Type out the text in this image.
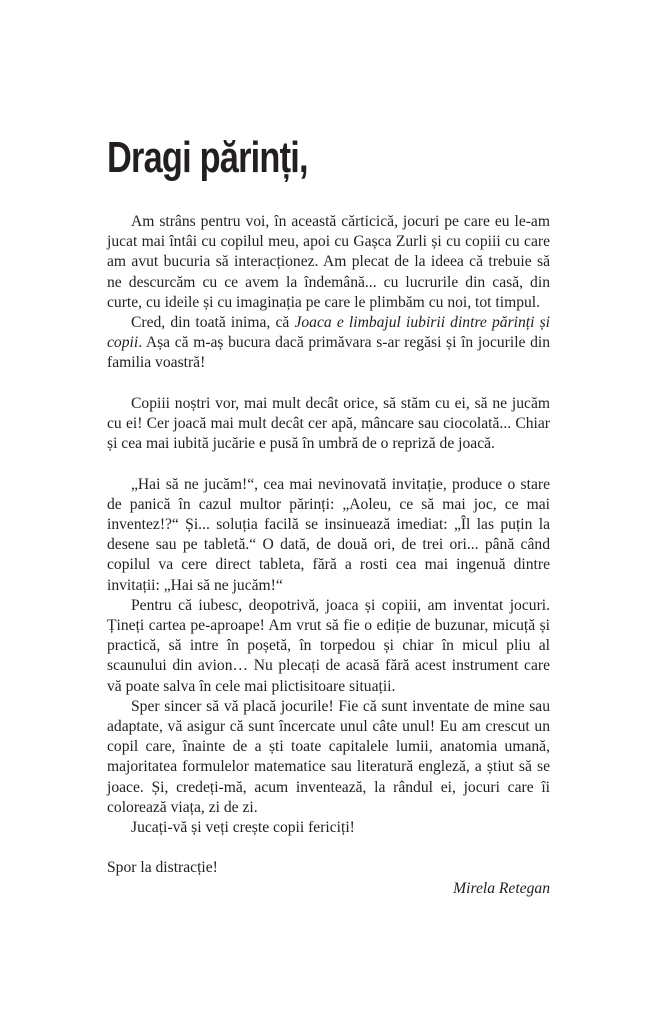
Dragi părinți,

Am strâns pentru voi, în această cărticică, jocuri pe care eu le-am jucat mai întâi cu copilul meu, apoi cu Gașca Zurli și cu copiii cu care am avut bucuria să interacționez. Am plecat de la ideea că trebuie să ne descurcăm cu ce avem la îndemână... cu lucrurile din casă, din curte, cu ideile și cu imaginația pe care le plimbăm cu noi, tot timpul.

Cred, din toată inima, că Joaca e limbajul iubirii dintre părinți și copii. Așa că m-aș bucura dacă primăvara s-ar regăsi și în jocurile din familia voastră!

Copiii noștri vor, mai mult decât orice, să stăm cu ei, să ne jucăm cu ei! Cer joacă mai mult decât cer apă, mâncare sau ciocolată... Chiar și cea mai iubită jucărie e pusă în umbră de o repriză de joacă.

„Hai să ne jucăm!“, cea mai nevinovată invitație, produce o stare de panică în cazul multor părinți: „Aoleu, ce să mai joc, ce mai inventez!?“ Și... soluția facilă se insinuează imediat: „Îl las puțin la desene sau pe tabletă.“ O dată, de două ori, de trei ori... până când copilul va cere direct tableta, fără a rosti cea mai ingenuă dintre invitații: „Hai să ne jucăm!“

Pentru că iubesc, deopotrivă, joaca și copiii, am inventat jocuri. Țineți cartea pe-aproape! Am vrut să fie o ediție de buzunar, micuță și practică, să intre în poșetă, în torpedou și chiar în micul pliu al scaunului din avion… Nu plecați de acasă fără acest instrument care vă poate salva în cele mai plictisitoare situații.

Sper sincer să vă placă jocurile! Fie că sunt inventate de mine sau adaptate, vă asigur că sunt încercate unul câte unul! Eu am crescut un copil care, înainte de a ști toate capitalele lumii, anatomia umană, majoritatea formulelor matematice sau literatură engleză, a știut să se joace. Și, credeți-mă, acum inventează, la rândul ei, jocuri care îi colorează viața, zi de zi.

Jucați-vă și veți crește copii fericiți!

Spor la distracție!

Mirela Retegan
